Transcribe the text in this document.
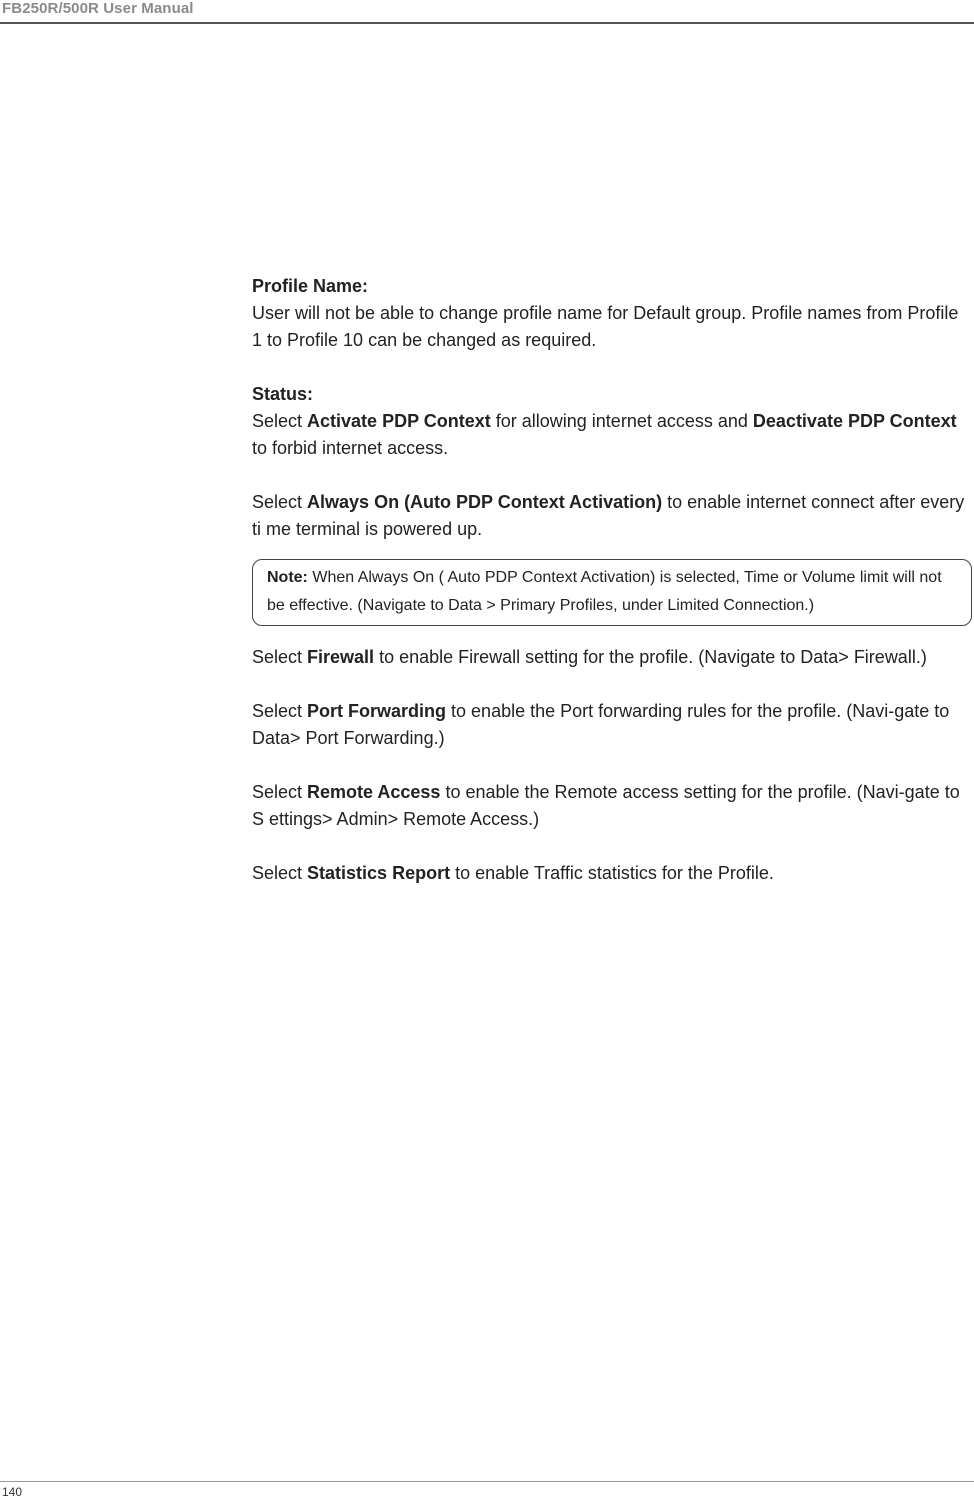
FB250R/500R User Manual
Profile Name:
User will not be able to change profile name for Default group. Profile names from Profile 1 to Profile 10 can be changed as required.
Status:
Select Activate PDP Context for allowing internet access and Deactivate PDP Context to forbid internet access.
Select Always On (Auto PDP Context Activation) to enable internet connect after every ti me terminal is powered up.
Note: When Always On ( Auto PDP Context Activation) is selected, Time or Volume limit will not be effective. (Navigate to Data > Primary Profiles, under Limited Connection.)
Select Firewall to enable Firewall setting for the profile. (Navigate to Data> Firewall.)
Select Port Forwarding to enable the Port forwarding rules for the profile. (Navi-gate to Data> Port Forwarding.)
Select Remote Access to enable the Remote access setting for the profile. (Navi-gate to S ettings> Admin> Remote Access.)
Select Statistics Report to enable Traffic statistics for the Profile.
140
